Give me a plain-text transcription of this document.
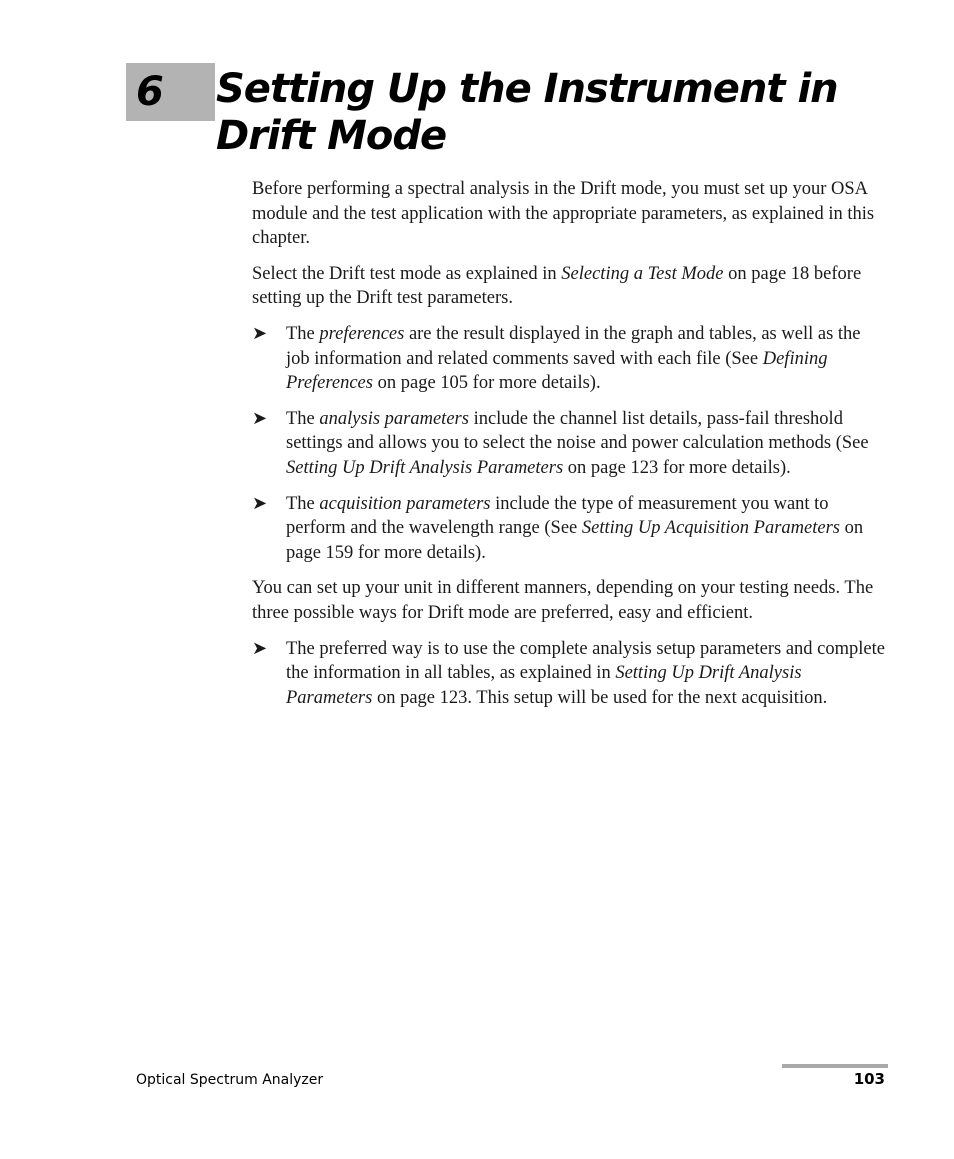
6 Setting Up the Instrument in Drift Mode

Before performing a spectral analysis in the Drift mode, you must set up your OSA module and the test application with the appropriate parameters, as explained in this chapter.

Select the Drift test mode as explained in Selecting a Test Mode on page 18 before setting up the Drift test parameters.

➤ The preferences are the result displayed in the graph and tables, as well as the job information and related comments saved with each file (See Defining Preferences on page 105 for more details).
➤ The analysis parameters include the channel list details, pass-fail threshold settings and allows you to select the noise and power calculation methods (See Setting Up Drift Analysis Parameters on page 123 for more details).
➤ The acquisition parameters include the type of measurement you want to perform and the wavelength range (See Setting Up Acquisition Parameters on page 159 for more details).

You can set up your unit in different manners, depending on your testing needs. The three possible ways for Drift mode are preferred, easy and efficient.

➤ The preferred way is to use the complete analysis setup parameters and complete the information in all tables, as explained in Setting Up Drift Analysis Parameters on page 123. This setup will be used for the next acquisition.
Optical Spectrum Analyzer	103
